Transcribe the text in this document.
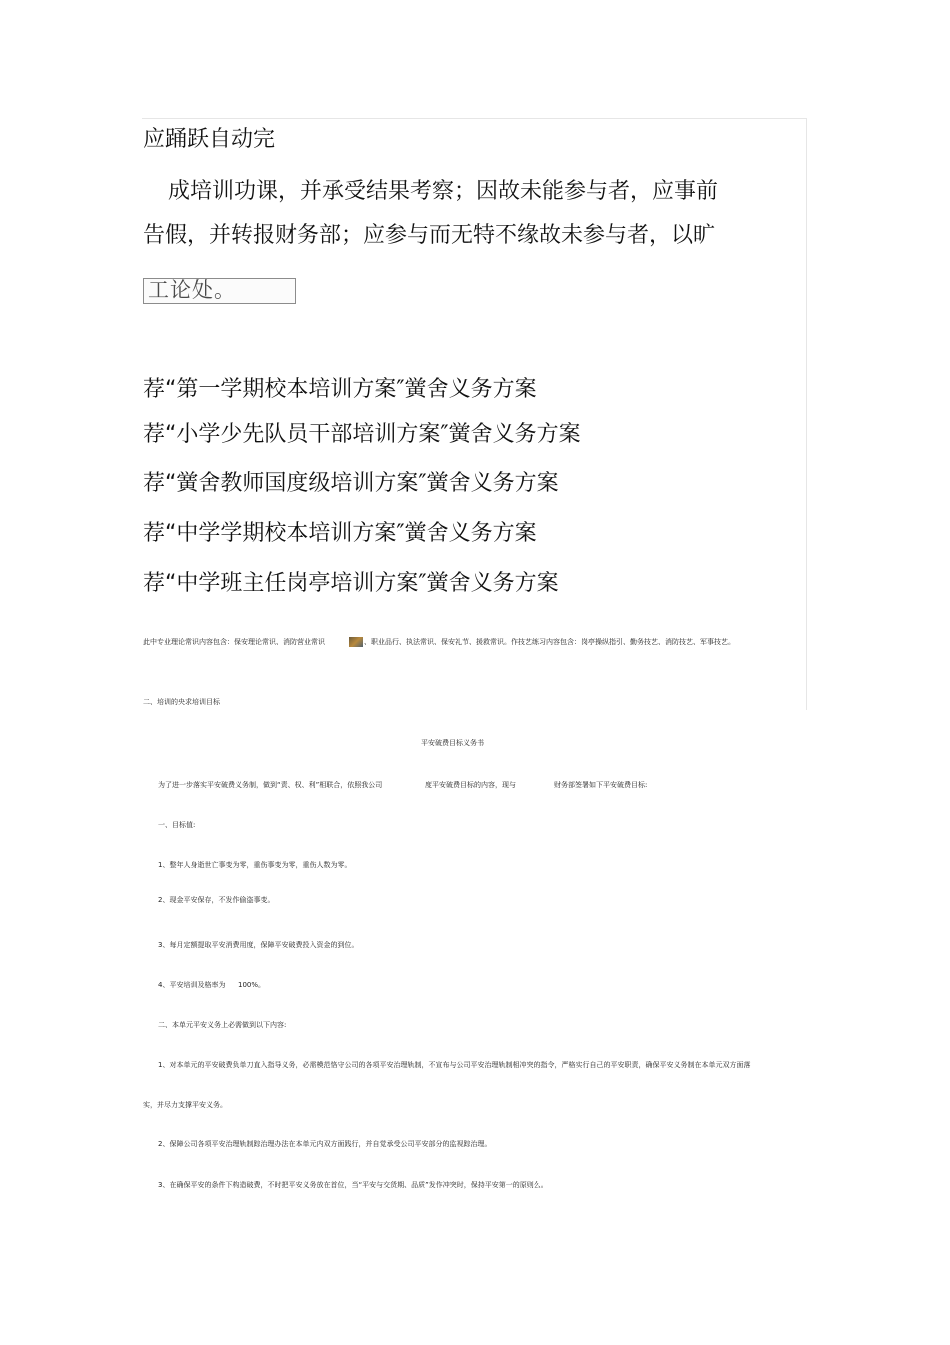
应踊跃自动完
成培训功课，并承受结果考察；因故未能参与者，应事前
告假，并转报财务部；应参与而无特不缘故未参与者，以旷
工论处。
荐“第一学期校本培训方案″黉舍义务方案
荐“小学少先队员干部培训方案″黉舍义务方案
荐“黉舍教师国度级培训方案″黉舍义务方案
荐“中学学期校本培训方案″黉舍义务方案
荐“中学班主任岗亭培训方案″黉舍义务方案
此中专业理论常识内容包含：保安理论常识、消防营业常识	、职业品行、执法常识、保安礼节、援救常识。作技艺练习内容包含：岗亭操纵指引、勤务技艺、消防技艺、军事技艺。
二、培训的央求培训目标
平安破费目标义务书
为了进一步落实平安破费义务制，做到“责、权、利”相联合，依照我公司	度平安破费目标的内容，现与	财务部签署如下平安破费目标:
一、目标值:
1、整年人身逝世亡事变为零，重伤事变为零，重伤人数为零。
2、现金平安保存，不发作偷盗事变。
3、每月定额提取平安消费用度，保障平安破费投入资金的到位。
4、平安培训及格率为 100%。
二、本单元平安义务上必需做到以下内容:
1、对本单元的平安破费负单刀直入指导义务，必需模范恪守公司的各项平安治理轨制，不宣布与公司平安治理轨制相冲突的指令，严格实行自己的平安职责，确保平安义务制在本单元双方面落
实，并尽力支撑平安义务。
2、保障公司各项平安治理轨制踪治理办法在本单元内双方面践行，并自觉承受公司平安部分的监视踪治理。
3、在确保平安的条件下构造破费，不时把平安义务放在首位，当“平安与交货期、品质”发作冲突时，保持平安第一的原则么。
